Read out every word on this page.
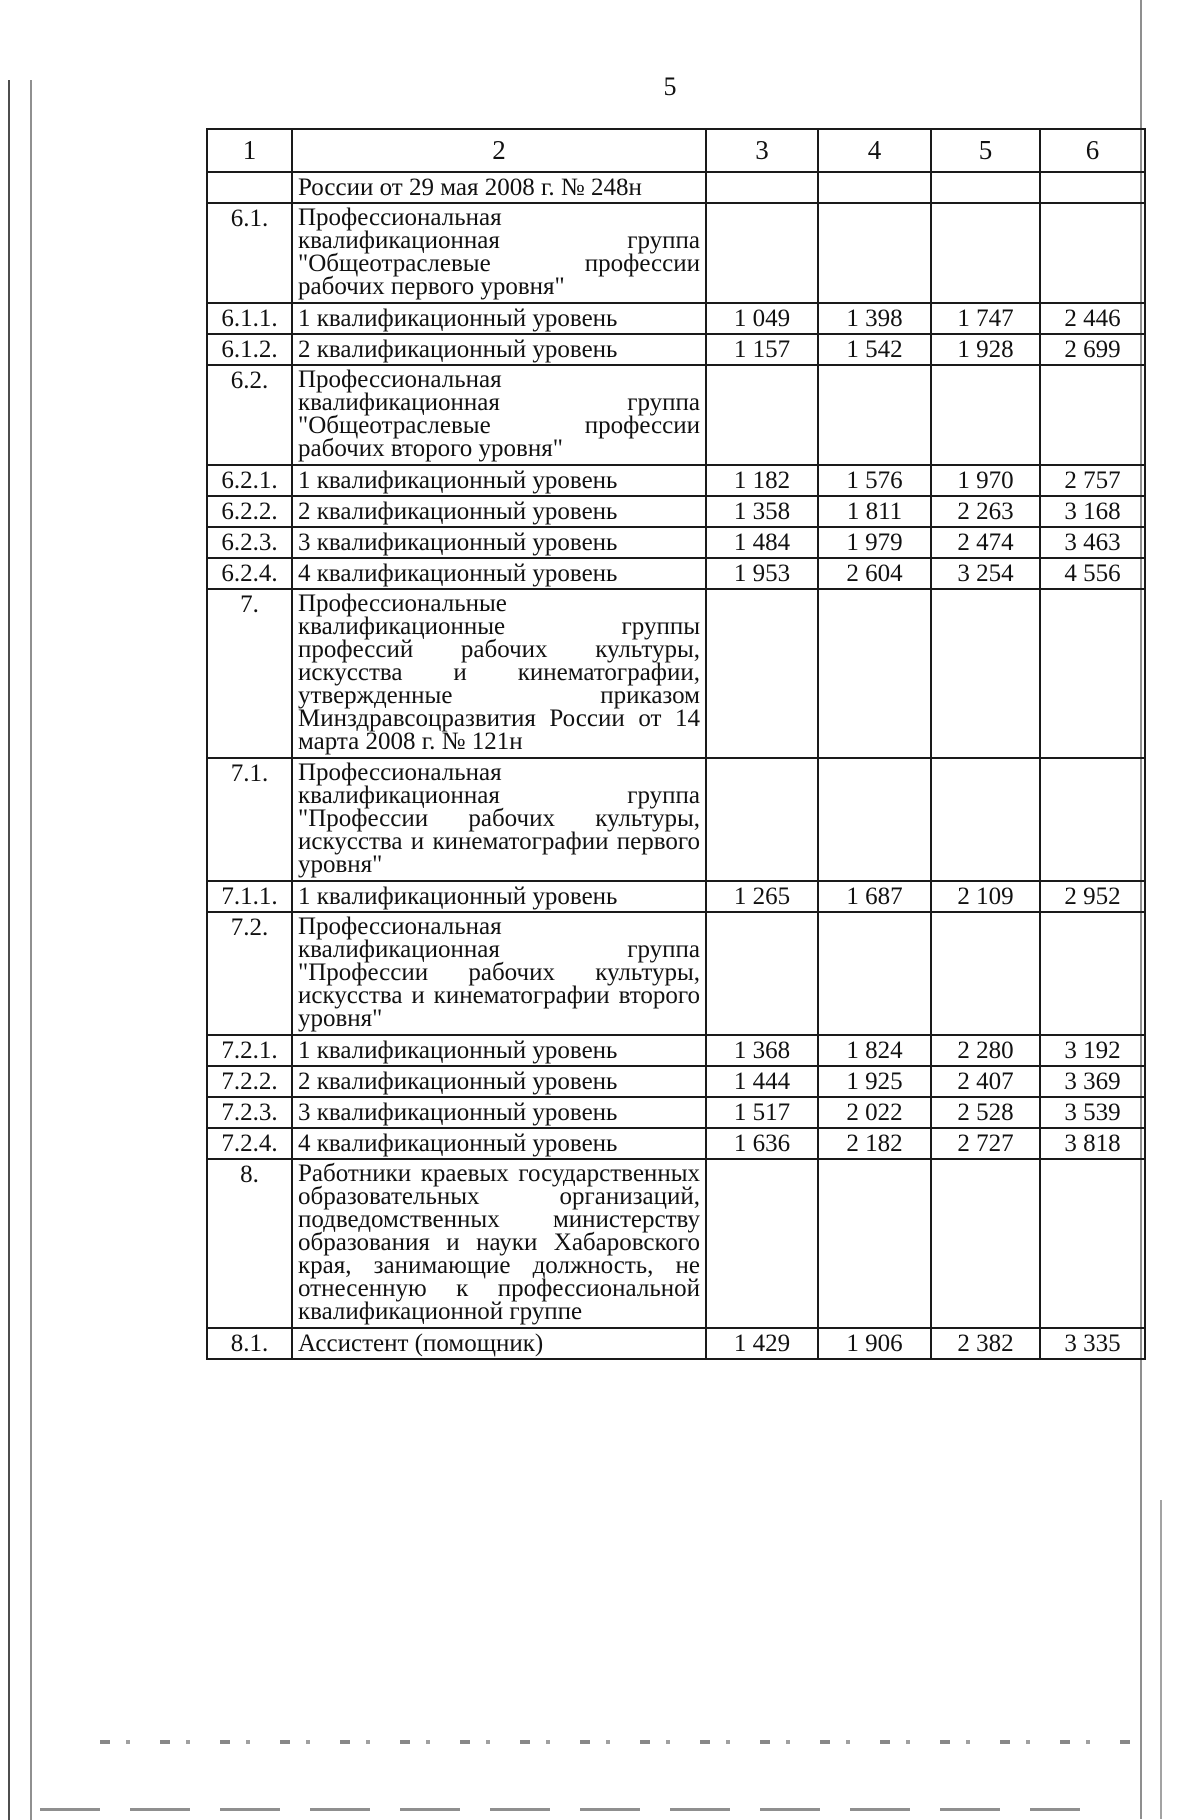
5
1	2	3	4	5	6
	России от 29 мая 2008 г. № 248н				
6.1.	Профессиональная квалификационная группа "Общеотраслевые профессии рабочих первого уровня"				
6.1.1.	1 квалификационный уровень	1 049	1 398	1 747	2 446
6.1.2.	2 квалификационный уровень	1 157	1 542	1 928	2 699
6.2.	Профессиональная квалификационная группа "Общеотраслевые профессии рабочих второго уровня"				
6.2.1.	1 квалификационный уровень	1 182	1 576	1 970	2 757
6.2.2.	2 квалификационный уровень	1 358	1 811	2 263	3 168
6.2.3.	3 квалификационный уровень	1 484	1 979	2 474	3 463
6.2.4.	4 квалификационный уровень	1 953	2 604	3 254	4 556
7.	Профессиональные квалификационные группы профессий рабочих культуры, искусства и кинематографии, утвержденные приказом Минздравсоцразвития России от 14 марта 2008 г. № 121н				
7.1.	Профессиональная квалификационная группа "Профессии рабочих культуры, искусства и кинематографии первого уровня"				
7.1.1.	1 квалификационный уровень	1 265	1 687	2 109	2 952
7.2.	Профессиональная квалификационная группа "Профессии рабочих культуры, искусства и кинематографии второго уровня"				
7.2.1.	1 квалификационный уровень	1 368	1 824	2 280	3 192
7.2.2.	2 квалификационный уровень	1 444	1 925	2 407	3 369
7.2.3.	3 квалификационный уровень	1 517	2 022	2 528	3 539
7.2.4.	4 квалификационный уровень	1 636	2 182	2 727	3 818
8.	Работники краевых государственных образовательных организаций, подведомственных министерству образования и науки Хабаровского края, занимающие должность, не отнесенную к профессиональной квалификационной группе				
8.1.	Ассистент (помощник)	1 429	1 906	2 382	3 335
